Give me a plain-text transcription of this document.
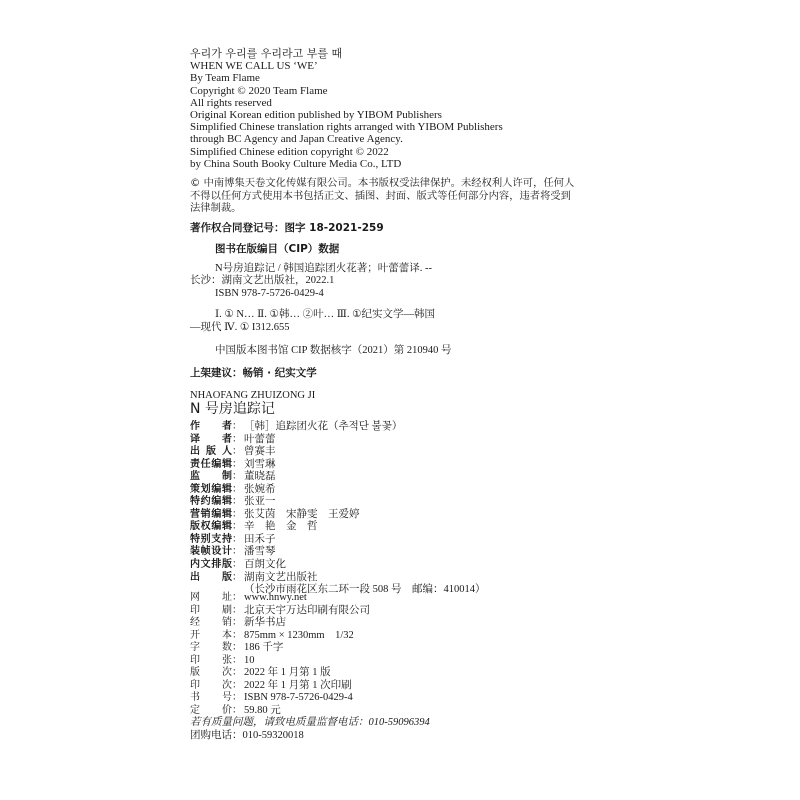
우리가 우리를 우리라고 부를 때
WHEN WE CALL US ‘WE’
By Team Flame
Copyright © 2020 Team Flame
All rights reserved
Original Korean edition published by YIBOM Publishers
Simplified Chinese translation rights arranged with YIBOM Publishers
through BC Agency and Japan Creative Agency.
Simplified Chinese edition copyright © 2022
by China South Booky Culture Media Co., LTD
© 中南博集天卷文化传媒有限公司。本书版权受法律保护。未经权利人许可，任何人
不得以任何方式使用本书包括正文、插图、封面、版式等任何部分内容，违者将受到
法律制裁。
著作权合同登记号：图字 18-2021-259
图书在版编目（CIP）数据
N号房追踪记 / 韩国追踪团火花著；叶蕾蕾译. --
长沙：湖南文艺出版社，2022.1
ISBN 978-7-5726-0429-4
Ⅰ. ① N… Ⅱ. ①韩… ②叶… Ⅲ. ①纪实文学—韩国
—现代 Ⅳ. ① I312.655
中国版本图书馆 CIP 数据核字（2021）第 210940 号
上架建议：畅销 · 纪实文学
NHAOFANG ZHUIZONG JI
N 号房追踪记
作　　者
： ［韩］追踪团火花（추적단 불꽃）
译　　者
： 叶蕾蕾
出 版 人
： 曾赛丰
责任编辑
： 刘雪琳
监　　制
： 董晓磊
策划编辑
： 张婉希
特约编辑
： 张亚一
营销编辑
： 张艾茵　宋静雯　王爱婷
版权编辑
： 辛　艳　金　哲
特别支持
： 田禾子
装帧设计
： 潘雪琴
内文排版
： 百朗文化
出　　版
： 湖南文艺出版社
（长沙市雨花区东二环一段 508 号　邮编：410014）
网　　址
： www.hnwy.net
印　　刷
： 北京天宇万达印刷有限公司
经　　销
： 新华书店
开　　本
： 875mm × 1230mm　1/32
字　　数
： 186 千字
印　　张
： 10
版　　次
： 2022 年 1 月第 1 版
印　　次
： 2022 年 1 月第 1 次印刷
书　　号
： ISBN 978-7-5726-0429-4
定　　价
： 59.80 元
若有质量问题，请致电质量监督电话：010-59096394
团购电话：010-59320018
